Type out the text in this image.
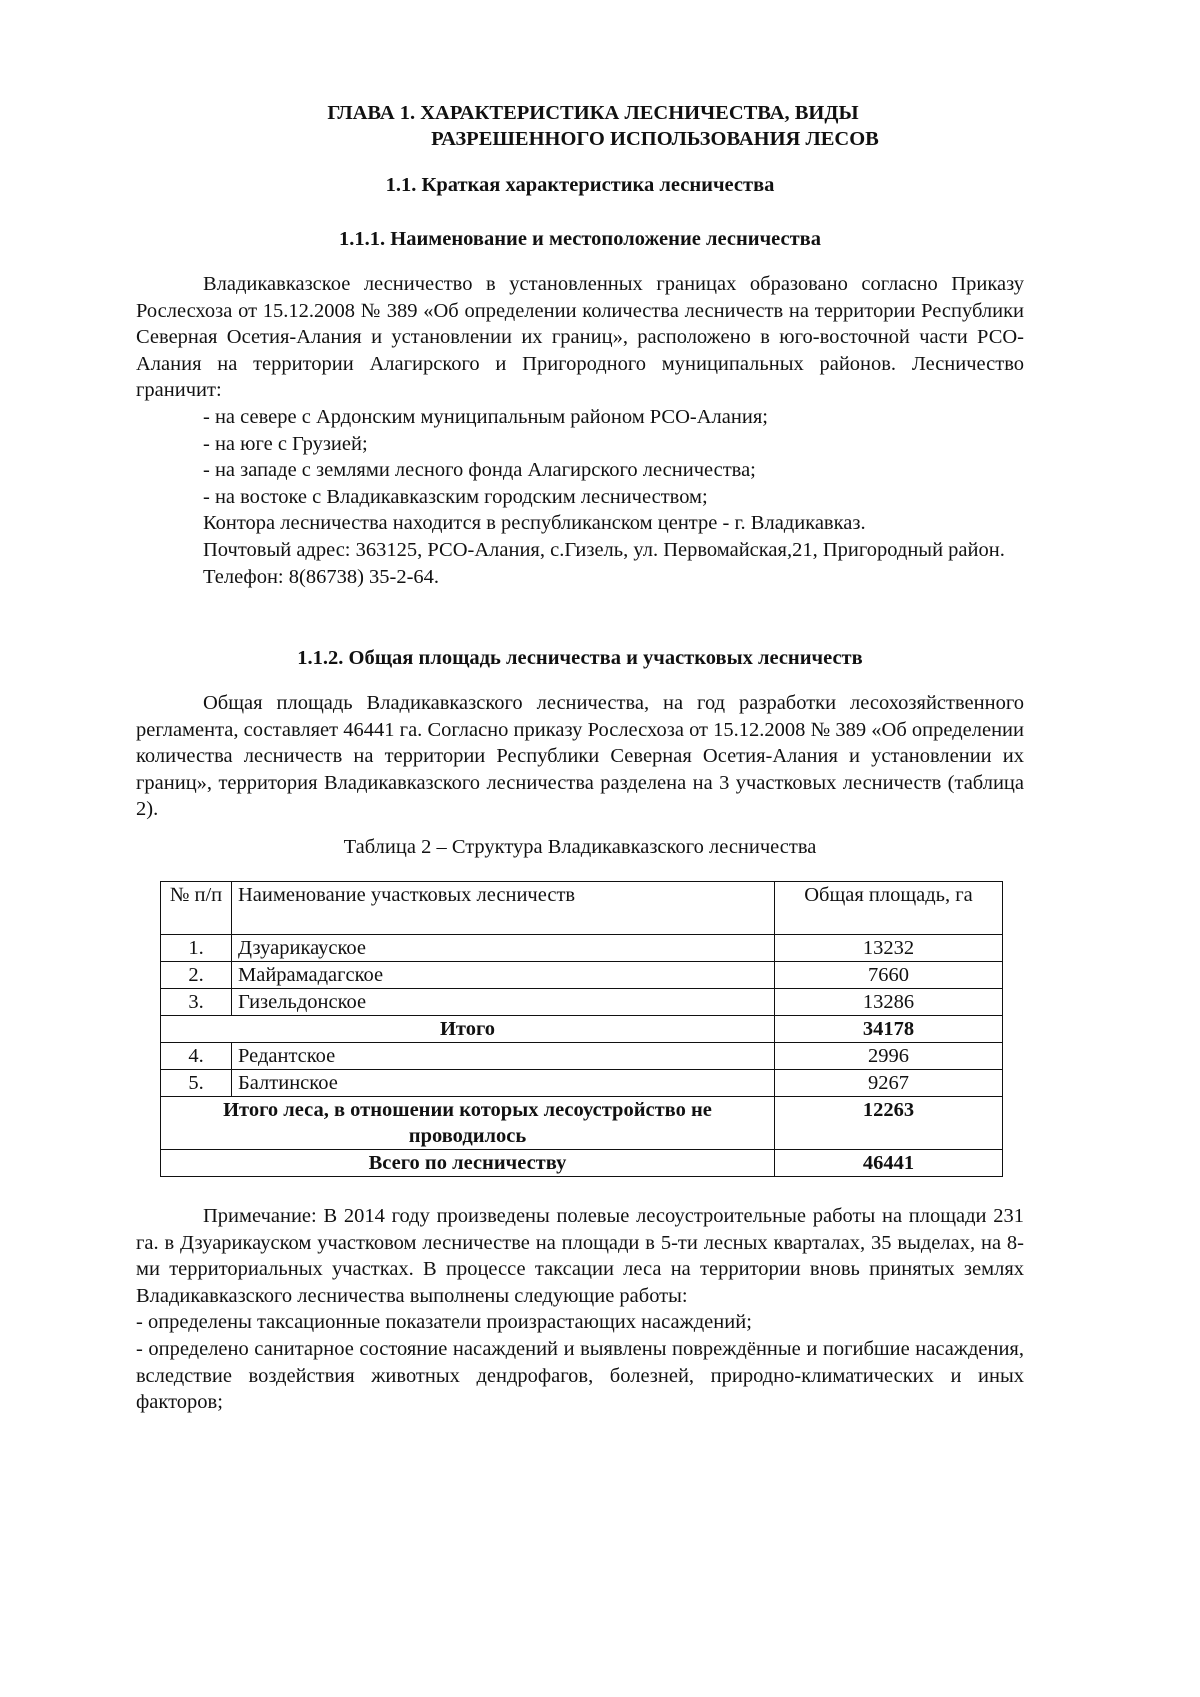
ГЛАВА 1. ХАРАКТЕРИСТИКА ЛЕСНИЧЕСТВА, ВИДЫ
РАЗРЕШЕННОГО ИСПОЛЬЗОВАНИЯ ЛЕСОВ
1.1. Краткая характеристика лесничества
1.1.1. Наименование и местоположение лесничества
Владикавказское лесничество в установленных границах образовано согласно Приказу Рослесхоза от 15.12.2008 № 389 «Об определении количества лесничеств на территории Республики Северная Осетия-Алания и установлении их границ», расположено в юго-восточной части РСО-Алания на территории Алагирского и Пригородного муниципальных районов. Лесничество граничит:
- на севере с Ардонским муниципальным районом РСО-Алания;
- на юге с Грузией;
- на западе с землями лесного фонда Алагирского лесничества;
- на востоке с Владикавказским городским лесничеством;
Контора лесничества находится в республиканском центре - г. Владикавказ.
Почтовый адрес: 363125, РСО-Алания, с.Гизель, ул. Первомайская,21, Пригородный район.
Телефон: 8(86738) 35-2-64.
1.1.2. Общая площадь лесничества и участковых лесничеств
Общая площадь Владикавказского лесничества, на год разработки лесохозяйственного регламента, составляет 46441 га. Согласно приказу Рослесхоза от 15.12.2008 № 389 «Об определении количества лесничеств на территории Республики Северная Осетия-Алания и установлении их границ», территория Владикавказского лесничества разделена на 3 участковых лесничеств (таблица 2).
Таблица 2 – Структура Владикавказского лесничества
№ п/п	Наименование участковых лесничеств	Общая площадь, га
1.	Дзуарикауское	13232
2.	Майрамадагское	7660
3.	Гизельдонское	13286
Итого		34178
4.	Редантское	2996
5.	Балтинское	9267
Итого леса, в отношении которых лесоустройство не проводилось		12263
Всего по лесничеству		46441
Примечание: В 2014 году произведены полевые лесоустроительные работы на площади 231 га. в Дзуарикауском участковом лесничестве на площади в 5-ти лесных кварталах, 35 выделах, на 8-ми территориальных участках. В процессе таксации леса на территории вновь принятых землях Владикавказского лесничества выполнены следующие работы:
- определены таксационные показатели произрастающих насаждений;
- определено санитарное состояние насаждений и выявлены повреждённые и погибшие насаждения, вследствие воздействия животных дендрофагов, болезней, природно-климатических и иных факторов;
